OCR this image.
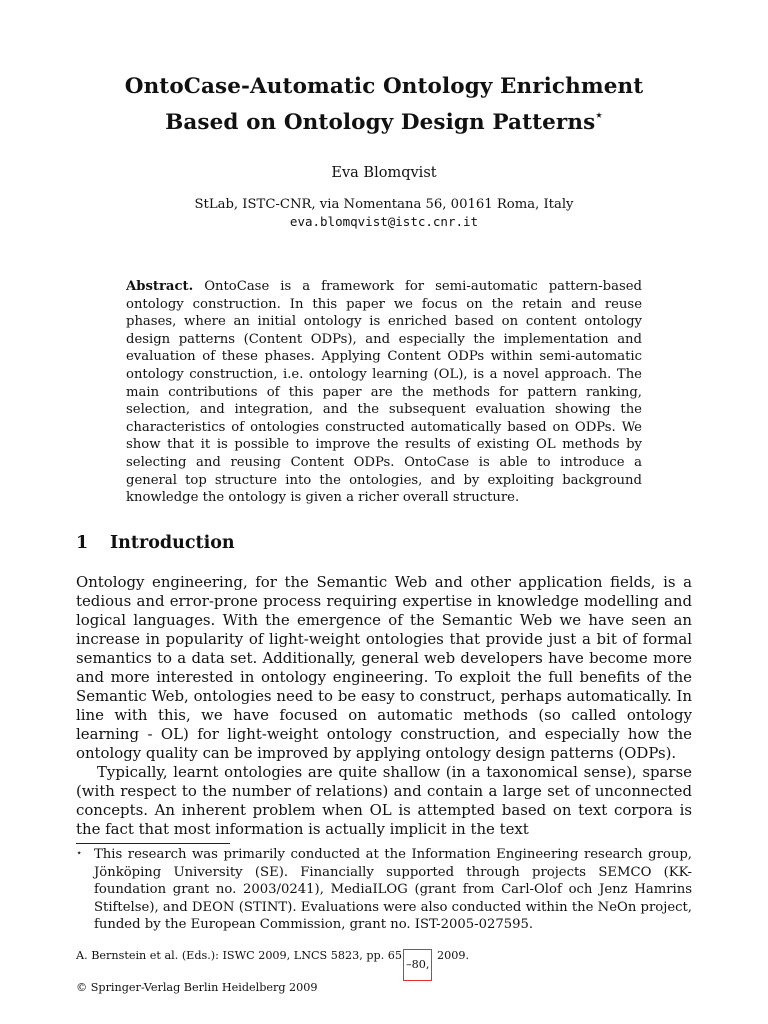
OntoCase-Automatic Ontology Enrichment
Based on Ontology Design Patterns⋆
Eva Blomqvist
StLab, ISTC-CNR, via Nomentana 56, 00161 Roma, Italy
eva.blomqvist@istc.cnr.it
Abstract. OntoCase is a framework for semi-automatic pattern-based ontology construction. In this paper we focus on the retain and reuse phases, where an initial ontology is enriched based on content ontology design patterns (Content ODPs), and especially the implementation and evaluation of these phases. Applying Content ODPs within semi-automatic ontology construction, i.e. ontology learning (OL), is a novel approach. The main contributions of this paper are the methods for pattern ranking, selection, and integration, and the subsequent evaluation showing the characteristics of ontologies constructed automatically based on ODPs. We show that it is possible to improve the results of existing OL methods by selecting and reusing Content ODPs. OntoCase is able to introduce a general top structure into the ontologies, and by exploiting background knowledge the ontology is given a richer overall structure.
1 Introduction

Ontology engineering, for the Semantic Web and other application fields, is a tedious and error-prone process requiring expertise in knowledge modelling and logical languages. With the emergence of the Semantic Web we have seen an increase in popularity of light-weight ontologies that provide just a bit of formal semantics to a data set. Additionally, general web developers have become more and more interested in ontology engineering. To exploit the full benefits of the Semantic Web, ontologies need to be easy to construct, perhaps automatically. In line with this, we have focused on automatic methods (so called ontology learning - OL) for light-weight ontology construction, and especially how the ontology quality can be improved by applying ontology design patterns (ODPs).

Typically, learnt ontologies are quite shallow (in a taxonomical sense), sparse (with respect to the number of relations) and contain a large set of unconnected concepts. An inherent problem when OL is attempted based on text corpora is the fact that most information is actually implicit in the text

⋆ This research was primarily conducted at the Information Engineering research group, Jönköping University (SE). Financially supported through projects SEMCO (KK-foundation grant no. 2003/0241), MediaILOG (grant from Carl-Olof och Jenz Hamrins Stiftelse), and DEON (STINT). Evaluations were also conducted within the NeOn project, funded by the European Commission, grant no. IST-2005-027595.
A. Bernstein et al. (Eds.): ISWC 2009, LNCS 5823, pp. 65–80, 2009.
© Springer-Verlag Berlin Heidelberg 2009
